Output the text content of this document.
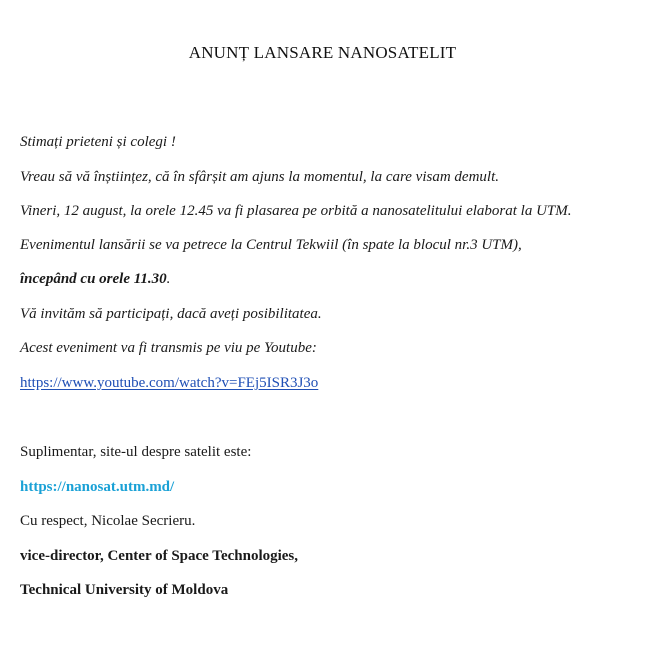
ANUNȚ LANSARE NANOSATELIT
Stimați prieteni și colegi !
Vreau să vă înștiințez, că în sfârșit am ajuns la momentul, la care visam demult.
Vineri, 12 august, la orele 12.45 va fi plasarea pe orbită a nanosatelitului elaborat la UTM.
Evenimentul lansării se va petrece la Centrul Tekwiil (în spate la blocul nr.3 UTM),
începând cu orele 11.30.
Vă invităm să participați, dacă aveți posibilitatea.
Acest eveniment va fi transmis pe viu pe Youtube:
https://www.youtube.com/watch?v=FEj5ISR3J3o
Suplimentar, site-ul despre satelit este:
https://nanosat.utm.md/
Cu respect, Nicolae Secrieru.
vice-director, Center of Space Technologies,
Technical University of Moldova
